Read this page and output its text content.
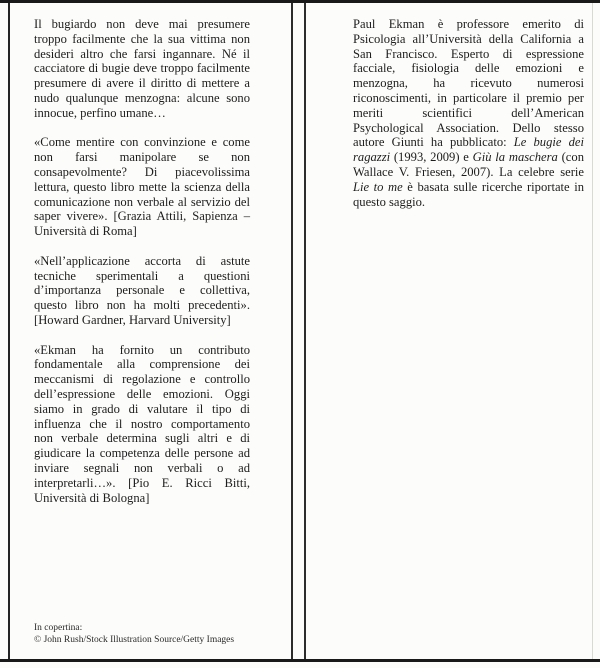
Il bugiardo non deve mai presumere troppo facilmente che la sua vittima non desideri altro che farsi ingannare. Né il cacciatore di bugie deve troppo facilmente presumere di avere il diritto di mettere a nudo qualunque menzogna: alcune sono innocue, perfino umane…

«Come mentire con convinzione e come non farsi manipolare se non consapevolmente? Di piacevolissima lettura, questo libro mette la scienza della comunicazione non verbale al servizio del saper vivere». [Grazia Attili, Sapienza – Università di Roma]

«Nell’applicazione accorta di astute tecniche sperimentali a questioni d’importanza personale e collettiva, questo libro non ha molti precedenti». [Howard Gardner, Harvard University]

«Ekman ha fornito un contributo fondamentale alla comprensione dei meccanismi di regolazione e controllo dell’espressione delle emozioni. Oggi siamo in grado di valutare il tipo di influenza che il nostro comportamento non verbale determina sugli altri e di giudicare la competenza delle persone ad inviare segnali non verbali o ad interpretarli…». [Pio E. Ricci Bitti, Università di Bologna]

In copertina:
© John Rush/Stock Illustration Source/Getty Images

Paul Ekman è professore emerito di Psicologia all’Università della California a San Francisco. Esperto di espressione facciale, fisiologia delle emozioni e menzogna, ha ricevuto numerosi riconoscimenti, in particolare il premio per meriti scientifici dell’American Psychological Association. Dello stesso autore Giunti ha pubblicato: Le bugie dei ragazzi (1993, 2009) e Giù la maschera (con Wallace V. Friesen, 2007). La celebre serie Lie to me è basata sulle ricerche riportate in questo saggio.
